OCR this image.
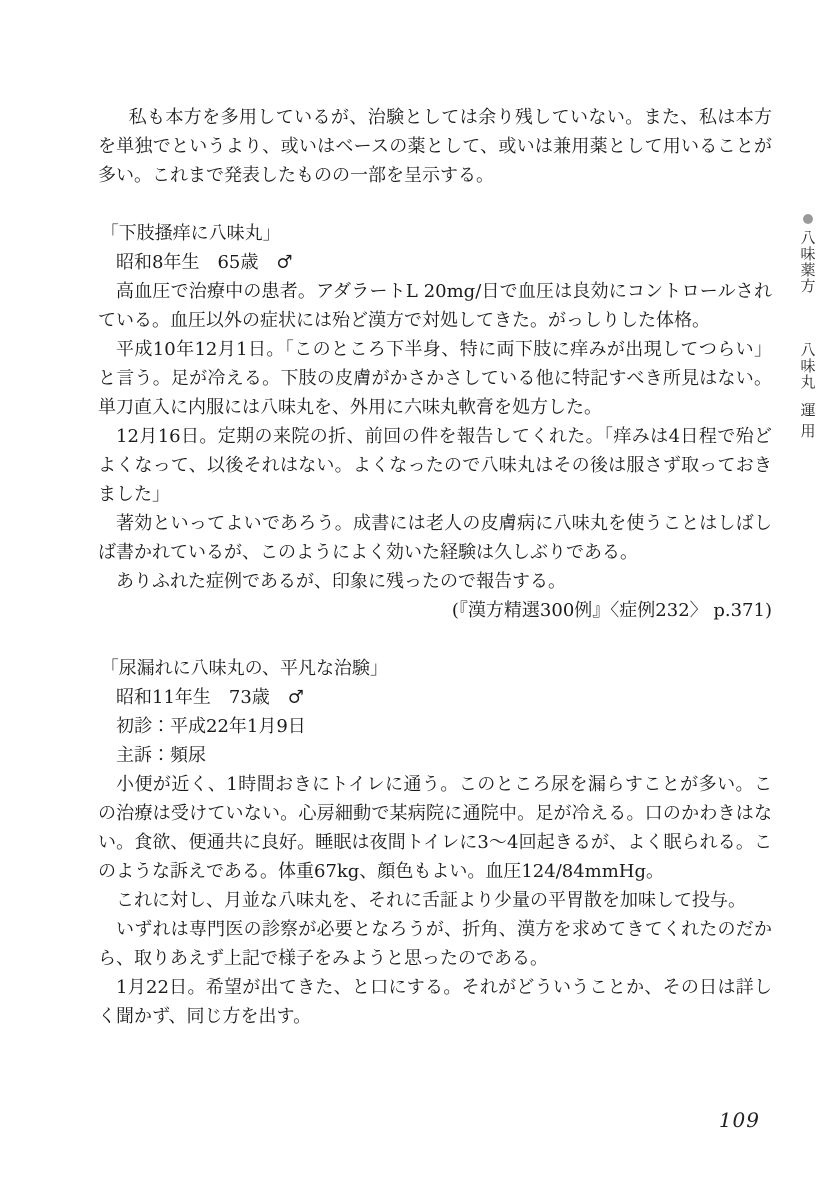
私も本方を多用しているが、治験としては余り残していない。また、私は本方を単独でというより、或いはベースの薬として、或いは兼用薬として用いることが多い。これまで発表したものの一部を呈示する。

「下肢搔痒に八味丸」

昭和8年生　65歳　♂

高血圧で治療中の患者。アダラートL 20mg/日で血圧は良効にコントロールされている。血圧以外の症状には殆ど漢方で対処してきた。がっしりした体格。

平成10年12月1日。「このところ下半身、特に両下肢に痒みが出現してつらい」と言う。足が冷える。下肢の皮膚がかさかさしている他に特記すべき所見はない。単刀直入に内服には八味丸を、外用に六味丸軟膏を処方した。

12月16日。定期の来院の折、前回の件を報告してくれた。「痒みは4日程で殆どよくなって、以後それはない。よくなったので八味丸はその後は服さず取っておきました」

著効といってよいであろう。成書には老人の皮膚病に八味丸を使うことはしばしば書かれているが、このようによく効いた経験は久しぶりである。

ありふれた症例であるが、印象に残ったので報告する。

(『漢方精選300例』〈症例232〉 p.371)

「尿漏れに八味丸の、平凡な治験」

昭和11年生　73歳　♂

初診：平成22年1月9日

主訴：頻尿

小便が近く、1時間おきにトイレに通う。このところ尿を漏らすことが多い。この治療は受けていない。心房細動で某病院に通院中。足が冷える。口のかわきはない。食欲、便通共に良好。睡眠は夜間トイレに3～4回起きるが、よく眠られる。このような訴えである。体重67kg、顔色もよい。血圧124/84mmHg。

これに対し、月並な八味丸を、それに舌証より少量の平胃散を加味して投与。

いずれは専門医の診察が必要となろうが、折角、漢方を求めてきてくれたのだから、取りあえず上記で様子をみようと思ったのである。

1月22日。希望が出てきた、と口にする。それがどういうことか、その日は詳しく聞かず、同じ方を出す。

八味薬方
八味丸
運用
109
